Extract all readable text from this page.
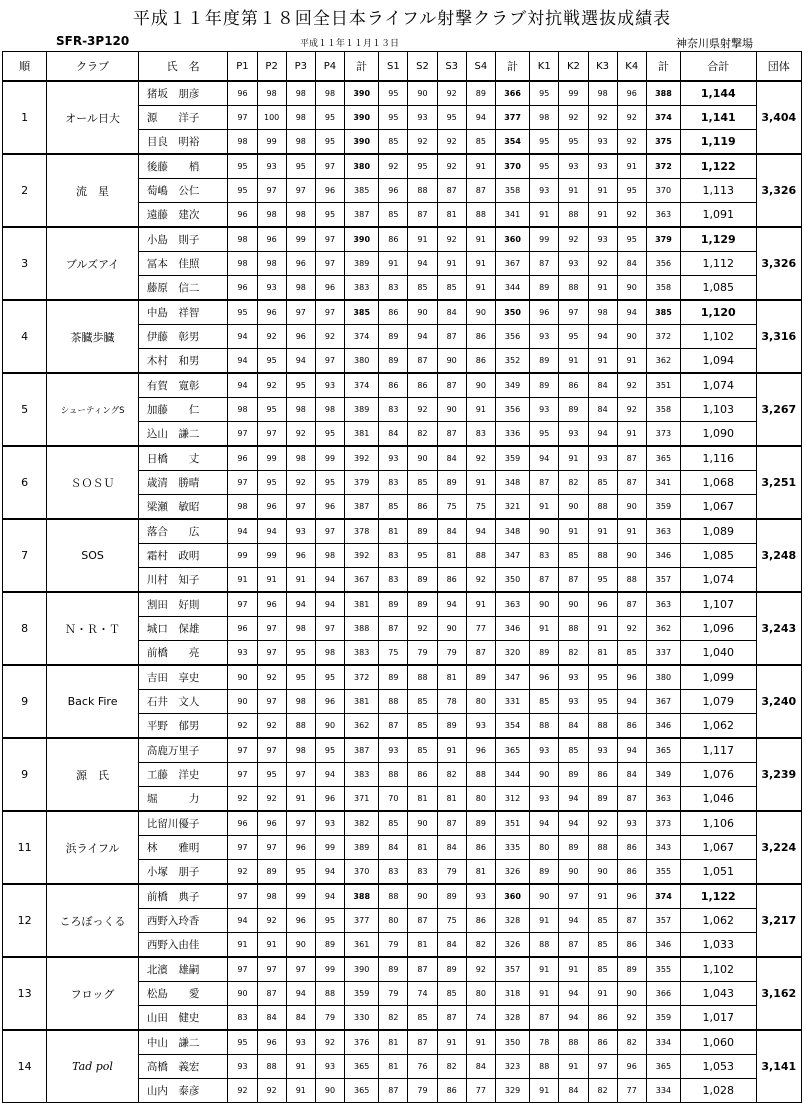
平成１１年度第１８回全日本ライフル射撃クラブ対抗戦選抜成績表
SFR-3P120	平成１１年１１月１３日	神奈川県射撃場
順	クラブ	氏　名	P1	P2	P3	P4	計	S1	S2	S3	S4	計	K1	K2	K3	K4	計	合計	団体
1	オール日大	猪坂　朋彦	96	98	98	98	390	95	90	92	89	366	95	99	98	96	388	1,144	3,404
		源　　洋子	97	100	98	95	390	95	93	95	94	377	98	92	92	92	374	1,141	
		目良　明裕	98	99	98	95	390	85	92	92	85	354	95	95	93	92	375	1,119	
2	流　星	後藤　　梢	95	93	95	97	380	92	95	92	91	370	95	93	93	91	372	1,122	3,326
		萄嶋　公仁	95	97	97	96	385	96	88	87	87	358	93	91	91	95	370	1,113	
		遠藤　建次	96	98	98	95	387	85	87	81	88	341	91	88	91	92	363	1,091	
3	ブルズアイ	小島　則子	98	96	99	97	390	86	91	92	91	360	99	92	93	95	379	1,129	3,326
		冨本　佳照	98	98	96	97	389	91	94	91	91	367	87	93	92	84	356	1,112	
		藤原　信二	96	93	98	96	383	83	85	85	91	344	89	88	91	90	358	1,085	
4	茶臓歩臓	中島　祥智	95	96	97	97	385	86	90	84	90	350	96	97	98	94	385	1,120	3,316
		伊藤　彰男	94	92	96	92	374	89	94	87	86	356	93	95	94	90	372	1,102	
		木村　和男	94	95	94	97	380	89	87	90	86	352	89	91	91	91	362	1,094	
5	シューティングS	有賀　寛彰	94	92	95	93	374	86	86	87	90	349	89	86	84	92	351	1,074	3,267
		加藤　　仁	98	95	98	98	389	83	92	90	91	356	93	89	84	92	358	1,103	
		込山　謙二	97	97	92	95	381	84	82	87	83	336	95	93	94	91	373	1,090	
6	ＳＯＳＵ	日橋　　丈	96	99	98	99	392	93	90	84	92	359	94	91	93	87	365	1,116	3,251
		歳清　勝晴	97	95	92	95	379	83	85	89	91	348	87	82	85	87	341	1,068	
		梁瀬　敏昭	98	96	97	96	387	85	86	75	75	321	91	90	88	90	359	1,067	
7	SOS	落合　　広	94	94	93	97	378	81	89	84	94	348	90	91	91	91	363	1,089	3,248
		霜村　政明	99	99	96	98	392	83	95	81	88	347	83	85	88	90	346	1,085	
		川村　知子	91	91	91	94	367	83	89	86	92	350	87	87	95	88	357	1,074	
8	Ｎ・Ｒ・Ｔ	割田　好則	97	96	94	94	381	89	89	94	91	363	90	90	96	87	363	1,107	3,243
		城口　保雄	96	97	98	97	388	87	92	90	77	346	91	88	91	92	362	1,096	
		前橋　　亮	93	97	95	98	383	75	79	79	87	320	89	82	81	85	337	1,040	
9	Back Fire	吉田　享史	90	92	95	95	372	89	88	81	89	347	96	93	95	96	380	1,099	3,240
		石井　文人	90	97	98	96	381	88	85	78	80	331	85	93	95	94	367	1,079	
		平野　郁男	92	92	88	90	362	87	85	89	93	354	88	84	88	86	346	1,062	
9	源　氏	高鹿万里子	97	97	98	95	387	93	85	91	96	365	93	85	93	94	365	1,117	3,239
		工藤　洋史	97	95	97	94	383	88	86	82	88	344	90	89	86	84	349	1,076	
		堀　　　力	92	92	91	96	371	70	81	81	80	312	93	94	89	87	363	1,046	
11	浜ライフル	比留川優子	96	96	97	93	382	85	90	87	89	351	94	94	92	93	373	1,106	3,224
		林　　雅明	97	97	96	99	389	84	81	84	86	335	80	89	88	86	343	1,067	
		小塚　朋子	92	89	95	94	370	83	83	79	81	326	89	90	90	86	355	1,051	
12	ころぼっくる	前橋　典子	97	98	99	94	388	88	90	89	93	360	90	97	91	96	374	1,122	3,217
		西野入玲香	94	92	96	95	377	80	87	75	86	328	91	94	85	87	357	1,062	
		西野入由佳	91	91	90	89	361	79	81	84	82	326	88	87	85	86	346	1,033	
13	フロッグ	北濱　雄嗣	97	97	97	99	390	89	87	89	92	357	91	91	85	89	355	1,102	3,162
		松島　　愛	90	87	94	88	359	79	74	85	80	318	91	94	91	90	366	1,043	
		山田　健史	83	84	84	79	330	82	85	87	74	328	87	94	86	92	359	1,017	
14	Tad pol	中山　謙二	95	96	93	92	376	81	87	91	91	350	78	88	86	82	334	1,060	3,141
		高橋　義宏	93	88	91	93	365	81	76	82	84	323	88	91	97	96	365	1,053	
		山内　泰彦	92	92	91	90	365	87	79	86	77	329	91	84	82	77	334	1,028	
